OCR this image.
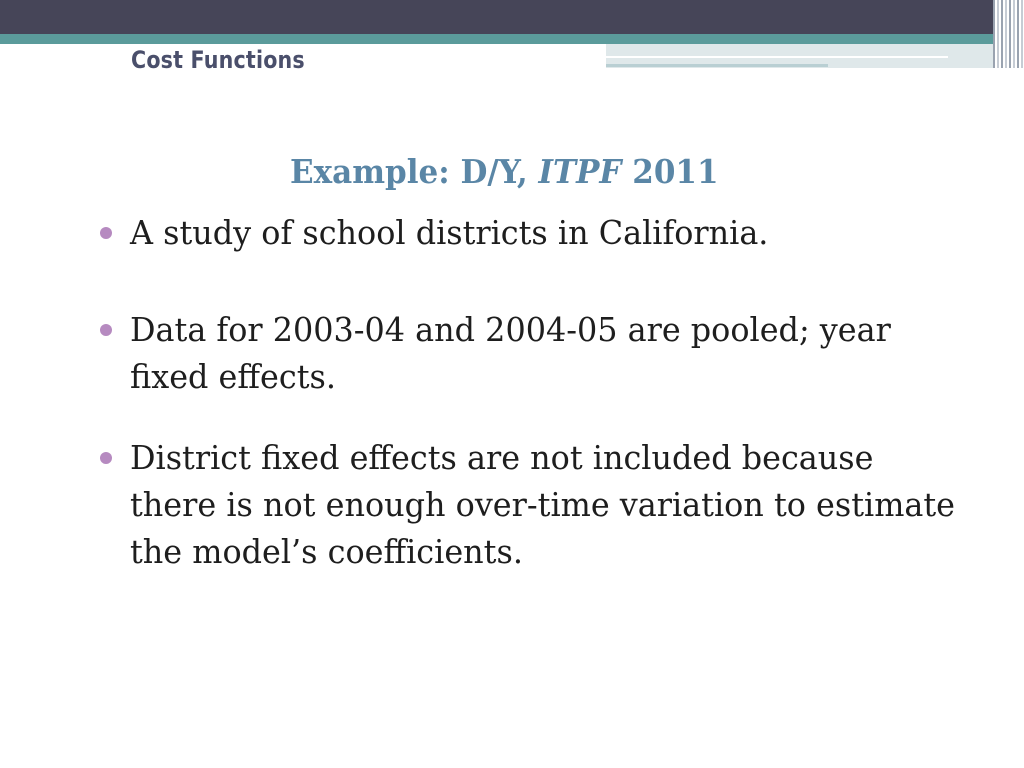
Cost Functions
Example: D/Y, ITPF 2011
A study of school districts in California.
Data for 2003-04 and 2004-05 are pooled; year fixed effects.
District fixed effects are not included because there is not enough over-time variation to estimate the model’s coefficients.
